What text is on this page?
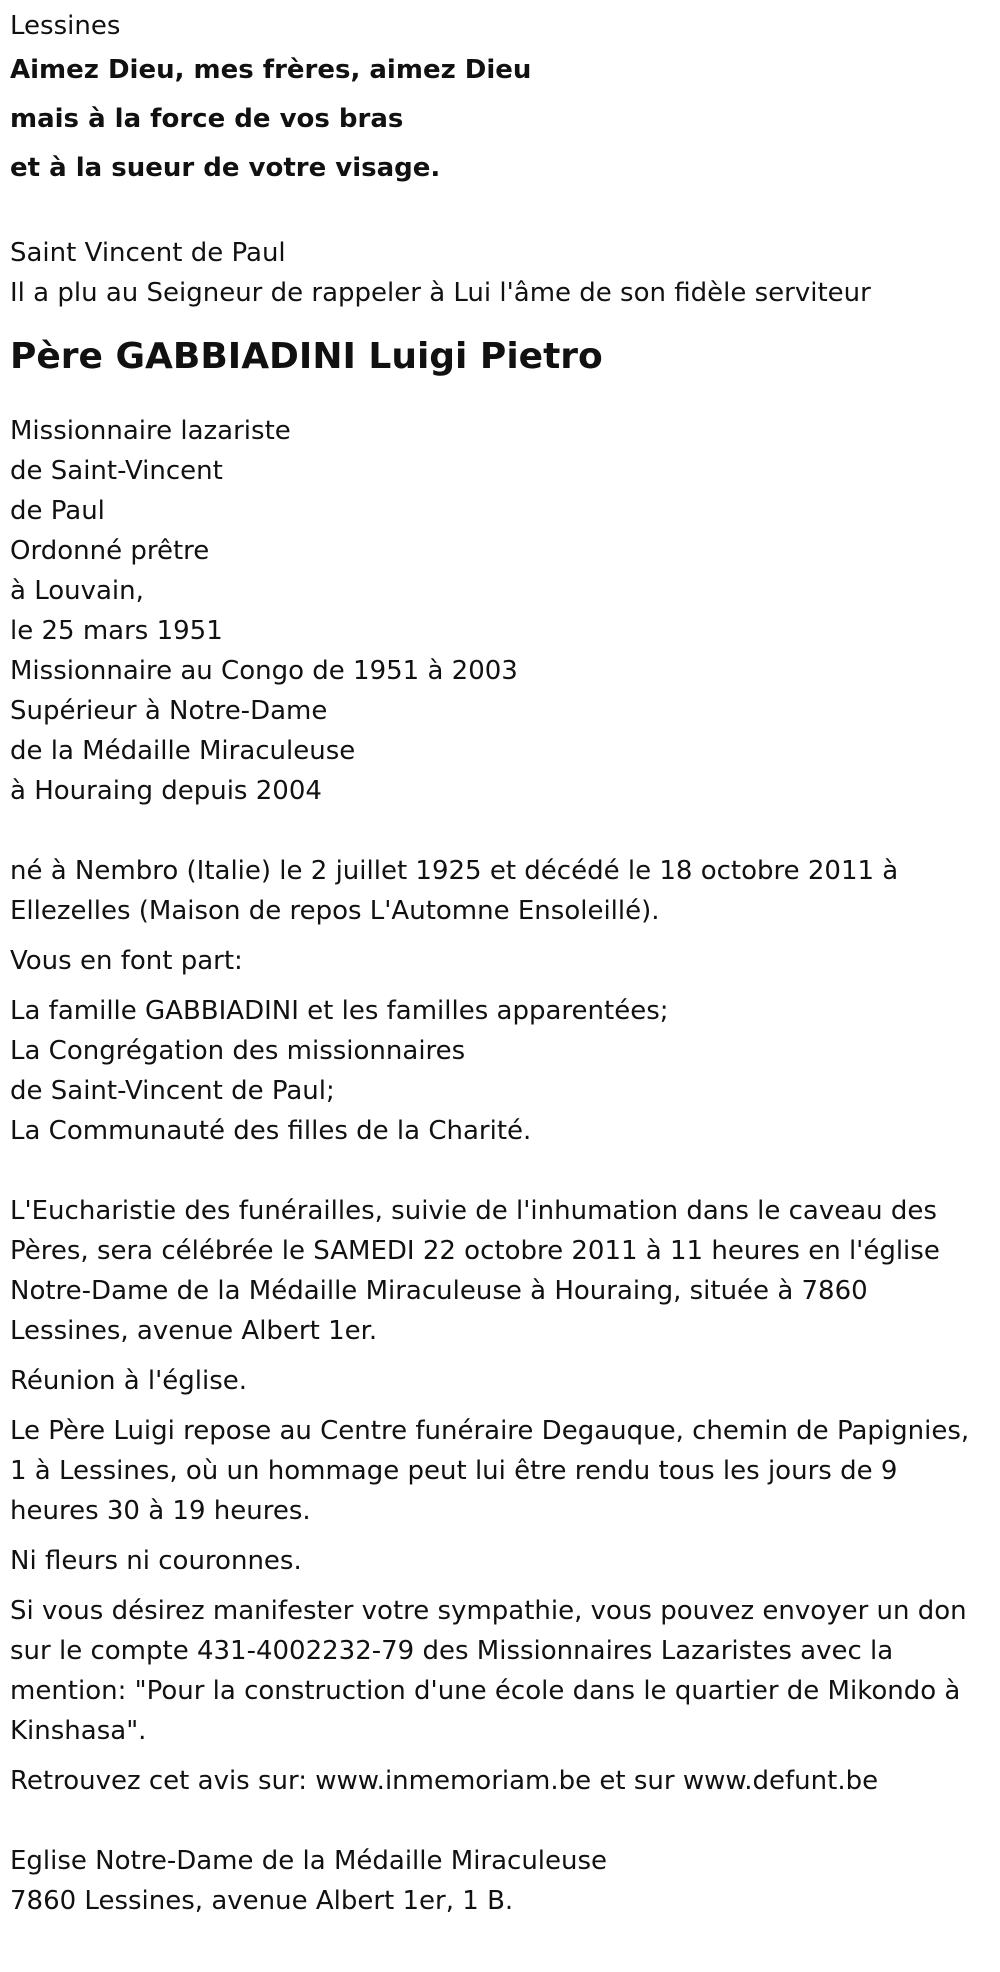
Lessines
Aimez Dieu, mes frères, aimez Dieu
mais à la force de vos bras
et à la sueur de votre visage.
Saint Vincent de Paul
Il a plu au Seigneur de rappeler à Lui l'âme de son fidèle serviteur
Père GABBIADINI Luigi Pietro
Missionnaire lazariste
de Saint-Vincent
de Paul
Ordonné prêtre
à Louvain,
le 25 mars 1951
Missionnaire au Congo de 1951 à 2003
Supérieur à Notre-Dame
de la Médaille Miraculeuse
à Houraing depuis 2004
né à Nembro (Italie) le 2 juillet 1925 et décédé le 18 octobre 2011 à Ellezelles (Maison de repos L'Automne Ensoleillé).
Vous en font part:
La famille GABBIADINI et les familles apparentées;
La Congrégation des missionnaires
de Saint-Vincent de Paul;
La Communauté des filles de la Charité.
L'Eucharistie des funérailles, suivie de l'inhumation dans le caveau des Pères, sera célébrée le SAMEDI 22 octobre 2011 à 11 heures en l'église Notre-Dame de la Médaille Miraculeuse à Houraing, située à 7860 Lessines, avenue Albert 1er.
Réunion à l'église.
Le Père Luigi repose au Centre funéraire Degauque, chemin de Papignies, 1 à Lessines, où un hommage peut lui être rendu tous les jours de 9 heures 30 à 19 heures.
Ni fleurs ni couronnes.
Si vous désirez manifester votre sympathie, vous pouvez envoyer un don sur le compte 431-4002232-79 des Missionnaires Lazaristes avec la mention: "Pour la construction d'une école dans le quartier de Mikondo à Kinshasa".
Retrouvez cet avis sur: www.inmemoriam.be et sur www.defunt.be
Eglise Notre-Dame de la Médaille Miraculeuse
7860 Lessines, avenue Albert 1er, 1 B.
